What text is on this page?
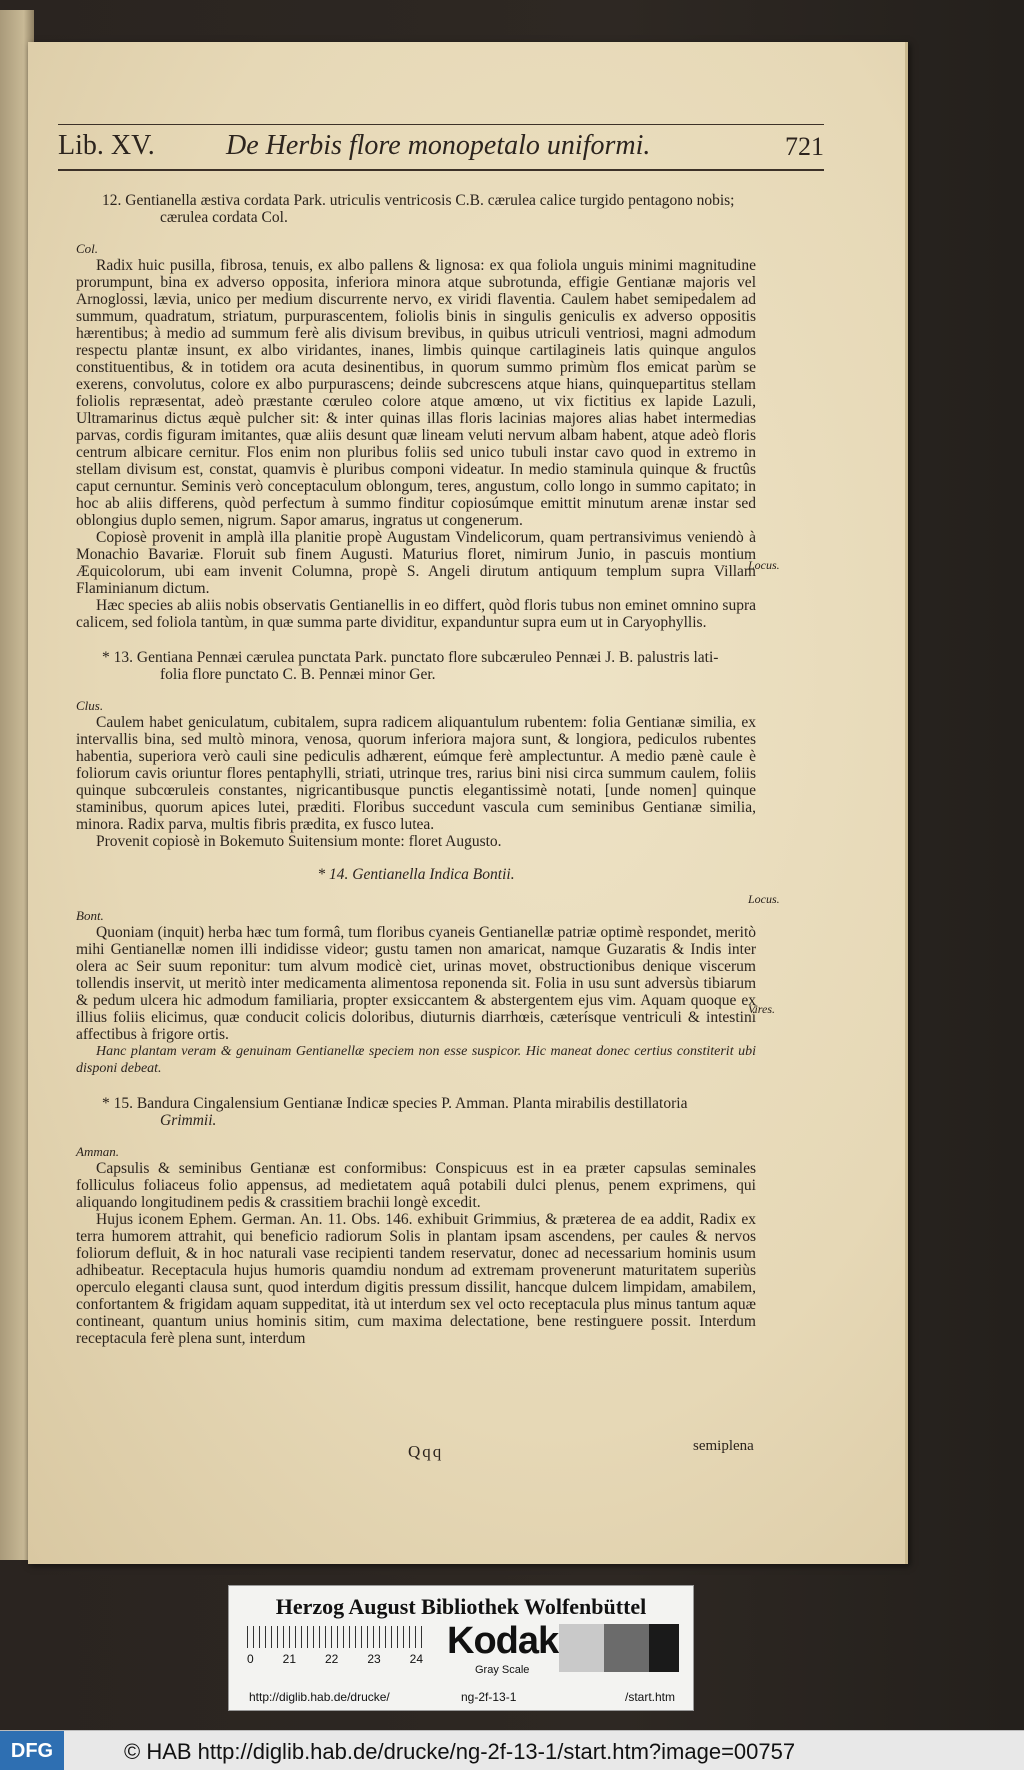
Lib. XV.	De Herbis flore monopetalo uniformi.	721

12. Gentianella æstiva cordata Park. utriculis ventricosis C.B. cærulea calice turgido pentagono nobis;
cærulea cordata Col.

Col.

Radix huic pusilla, fibrosa, tenuis, ex albo pallens & lignosa: ex qua foliola unguis minimi magnitudine prorumpunt, bina ex adverso opposita, inferiora minora atque subrotunda, effigie Gentianæ majoris vel Arnoglossi, lævia, unico per medium discurrente nervo, ex viridi flaventia. Caulem habet semipedalem ad summum, quadratum, striatum, purpurascentem, foliolis binis in singulis geniculis ex adverso oppositis hærentibus; à medio ad summum ferè alis divisum brevibus, in quibus utriculi ventriosi, magni admodum respectu plantæ insunt, ex albo viridantes, inanes, limbis quinque cartilagineis latis quinque angulos constituentibus, & in totidem ora acuta desinentibus, in quorum summo primùm flos emicat parùm se exerens, convolutus, colore ex albo purpurascens; deinde subcrescens atque hians, quinquepartitus stellam foliolis repræsentat, adeò præstante cœruleo colore atque amœno, ut vix fictitius ex lapide Lazuli, Ultramarinus dictus æquè pulcher sit: & inter quinas illas floris lacinias majores alias habet intermedias parvas, cordis figuram imitantes, quæ aliis desunt quæ lineam veluti nervum albam habent, atque adeò floris centrum albicare cernitur. Flos enim non pluribus foliis sed unico tubuli instar cavo quod in extremo in stellam divisum est, constat, quamvis è pluribus componi videatur. In medio staminula quinque & fructûs caput cernuntur. Seminis verò conceptaculum oblongum, teres, angustum, collo longo in summo capitato; in hoc ab aliis differens, quòd perfectum à summo finditur copiosúmque emittit minutum arenæ instar sed oblongius duplo semen, nigrum. Sapor amarus, ingratus ut congenerum.

Copiosè provenit in amplà illa planitie propè Augustam Vindelicorum, quam pertransivimus veniendò à Monachio Bavariæ. Floruit sub finem Augusti. Maturius floret, nimirum Junio, in pascuis montium Æquicolorum, ubi eam invenit Columna, propè S. Angeli dirutum antiquum templum supra Villam Flaminianum dictum.

Hæc species ab aliis nobis observatis Gentianellis in eo differt, quòd floris tubus non eminet omnino supra calicem, sed foliola tantùm, in quæ summa parte dividitur, expanduntur supra eum ut in Caryophyllis.

* 13. Gentiana Pennæi cærulea punctata Park. punctato flore subcæruleo Pennæi J. B. palustris lati-
folia flore punctato C. B. Pennæi minor Ger.

Clus.

Caulem habet geniculatum, cubitalem, supra radicem aliquantulum rubentem: folia Gentianæ similia, ex intervallis bina, sed multò minora, venosa, quorum inferiora majora sunt, & longiora, pediculos rubentes habentia, superiora verò cauli sine pediculis adhærent, eúmque ferè amplectuntur. A medio pænè caule è foliorum cavis oriuntur flores pentaphylli, striati, utrinque tres, rarius bini nisi circa summum caulem, foliis quinque subcœruleis constantes, nigricantibusque punctis elegantissimè notati, [unde nomen] quinque staminibus, quorum apices lutei, præditi. Floribus succedunt vascula cum seminibus Gentianæ similia, minora. Radix parva, multis fibris prædita, ex fusco lutea.

Provenit copiosè in Bokemuto Suitensium monte: floret Augusto.

* 14. Gentianella Indica Bontii.

Bont.

Quoniam (inquit) herba hæc tum formâ, tum floribus cyaneis Gentianellæ patriæ optimè respondet, meritò mihi Gentianellæ nomen illi indidisse videor; gustu tamen non amaricat, namque Guzaratis & Indis inter olera ac Seir suum reponitur: tum alvum modicè ciet, urinas movet, obstructionibus denique viscerum tollendis inservit, ut meritò inter medicamenta alimentosa reponenda sit. Folia in usu sunt adversùs tibiarum & pedum ulcera hic admodum familiaria, propter exsiccantem & abstergentem ejus vim. Aquam quoque ex illius foliis elicimus, quæ conducit colicis doloribus, diuturnis diarrhœis, cæterísque ventriculi & intestini affectibus à frigore ortis.

Hanc plantam veram & genuinam Gentianellæ speciem non esse suspicor. Hic maneat donec certius constiterit ubi disponi debeat.

* 15. Bandura Cingalensium Gentianæ Indicæ species P. Amman. Planta mirabilis destillatoria
Grimmii.

Amman.

Capsulis & seminibus Gentianæ est conformibus: Conspicuus est in ea præter capsulas seminales folliculus foliaceus folio appensus, ad medietatem aquâ potabili dulci plenus, penem exprimens, qui aliquando longitudinem pedis & crassitiem brachii longè excedit.

Hujus iconem Ephem. German. An. 11. Obs. 146. exhibuit Grimmius, & præterea de ea addit, Radix ex terra humorem attrahit, qui beneficio radiorum Solis in plantam ipsam ascendens, per caules & nervos foliorum defluit, & in hoc naturali vase recipienti tandem reservatur, donec ad necessarium hominis usum adhibeatur. Receptacula hujus humoris quamdiu nondum ad extremam provenerunt maturitatem superiùs operculo eleganti clausa sunt, quod interdum digitis pressum dissilit, hancque dulcem limpidam, amabilem, confortantem & frigidam aquam suppeditat, ità ut interdum sex vel octo receptacula plus minus tantum aquæ contineant, quantum unius hominis sitim, cum maxima delectatione, bene restinguere possit. Interdum receptacula ferè plena sunt, interdum

Locus.
Locus.
Vires.
Qqq	semiplena
Herzog August Bibliothek Wolfenbüttel
0 21 22 23 24 Kodak
Gray Scale
http://diglib.hab.de/drucke/	ng-2f-13-1	/start.htm
DFG	© HAB http://diglib.hab.de/drucke/ng-2f-13-1/start.htm?image=00757
